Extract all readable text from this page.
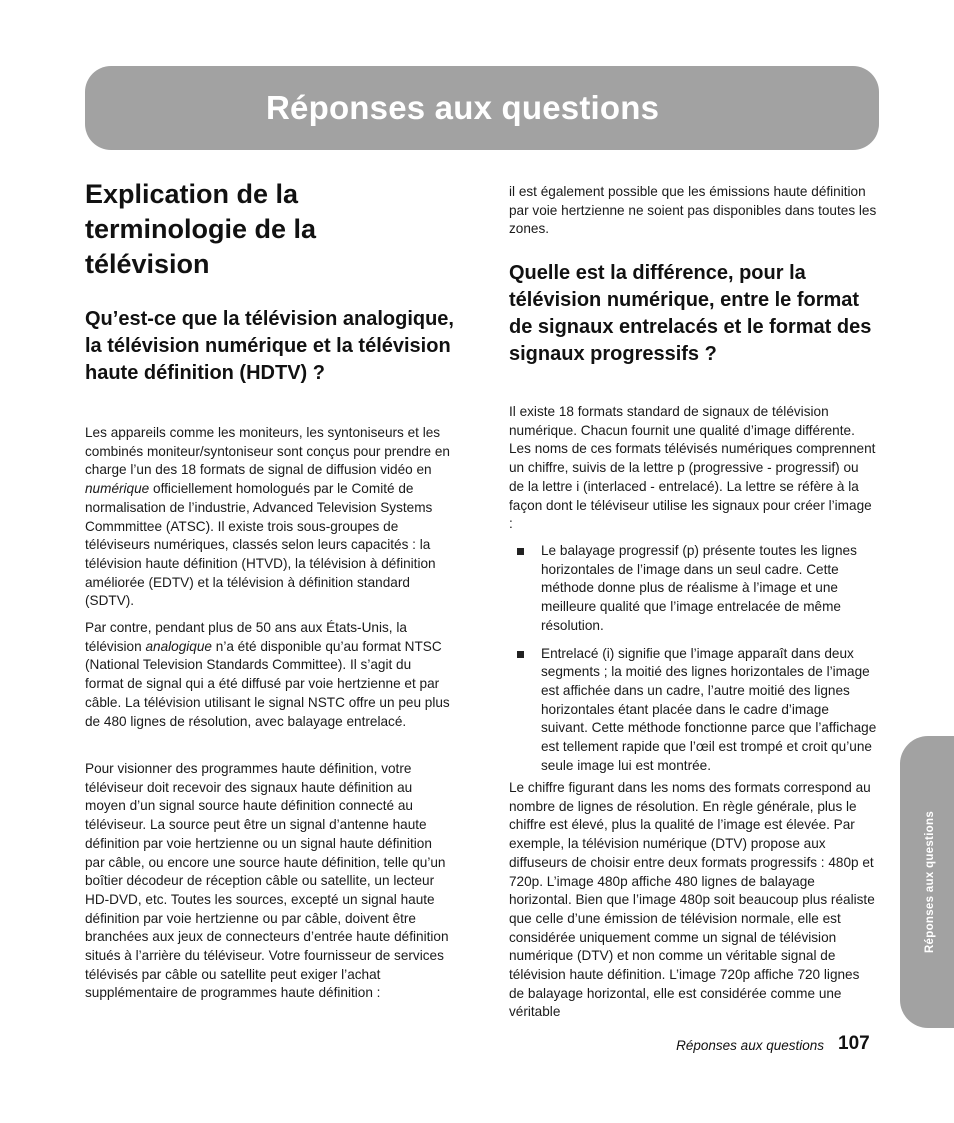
Réponses aux questions
Explication de la terminologie de la télévision
Qu’est-ce que la télévision analogique, la télévision numérique et la télévision haute définition (HDTV) ?

Les appareils comme les moniteurs, les syntoniseurs et les combinés moniteur/syntoniseur sont conçus pour prendre en charge l’un des 18 formats de signal de diffusion vidéo en numérique officiellement homologués par le Comité de normalisation de l’industrie, Advanced Television Systems Commmittee (ATSC). Il existe trois sous-groupes de téléviseurs numériques, classés selon leurs capacités : la télévision haute définition (HTVD), la télévision à définition améliorée (EDTV) et la télévision à définition standard (SDTV).

Par contre, pendant plus de 50 ans aux États-Unis, la télévision analogique n’a été disponible qu’au format NTSC (National Television Standards Committee). Il s’agit du format de signal qui a été diffusé par voie hertzienne et par câble. La télévision utilisant le signal NSTC offre un peu plus de 480 lignes de résolution, avec balayage entrelacé.

Pour visionner des programmes haute définition, votre téléviseur doit recevoir des signaux haute définition au moyen d’un signal source haute définition connecté au téléviseur. La source peut être un signal d’antenne haute définition par voie hertzienne ou un signal haute définition par câble, ou encore une source haute définition, telle qu’un boîtier décodeur de réception câble ou satellite, un lecteur HD-DVD, etc. Toutes les sources, excepté un signal haute définition par voie hertzienne ou par câble, doivent être branchées aux jeux de connecteurs d’entrée haute définition situés à l’arrière du téléviseur. Votre fournisseur de services télévisés par câble ou satellite peut exiger l’achat supplémentaire de programmes haute définition :

il est également possible que les émissions haute définition par voie hertzienne ne soient pas disponibles dans toutes les zones.

Quelle est la différence, pour la télévision numérique, entre le format de signaux entrelacés et le format des signaux progressifs ?

Il existe 18 formats standard de signaux de télévision numérique. Chacun fournit une qualité d’image différente. Les noms de ces formats télévisés numériques comprennent un chiffre, suivis de la lettre p (progressive - progressif) ou de la lettre i (interlaced - entrelacé). La lettre se réfère à la façon dont le téléviseur utilise les signaux pour créer l’image :

Le balayage progressif (p) présente toutes les lignes horizontales de l’image dans un seul cadre. Cette méthode donne plus de réalisme à l’image et une meilleure qualité que l’image entrelacée de même résolution.

Entrelacé (i) signifie que l’image apparaît dans deux segments ; la moitié des lignes horizontales de l’image est affichée dans un cadre, l’autre moitié des lignes horizontales étant placée dans le cadre d’image suivant. Cette méthode fonctionne parce que l’affichage est tellement rapide que l’œil est trompé et croit qu’une seule image lui est montrée.

Le chiffre figurant dans les noms des formats correspond au nombre de lignes de résolution. En règle générale, plus le chiffre est élevé, plus la qualité de l’image est élevée. Par exemple, la télévision numérique (DTV) propose aux diffuseurs de choisir entre deux formats progressifs : 480p et 720p. L’image 480p affiche 480 lignes de balayage horizontal. Bien que l’image 480p soit beaucoup plus réaliste que celle d’une émission de télévision normale, elle est considérée uniquement comme un signal de télévision numérique (DTV) et non comme un véritable signal de télévision haute définition. L’image 720p affiche 720 lignes de balayage horizontal, elle est considérée comme une véritable

Réponses aux questions
Réponses aux questions 107
